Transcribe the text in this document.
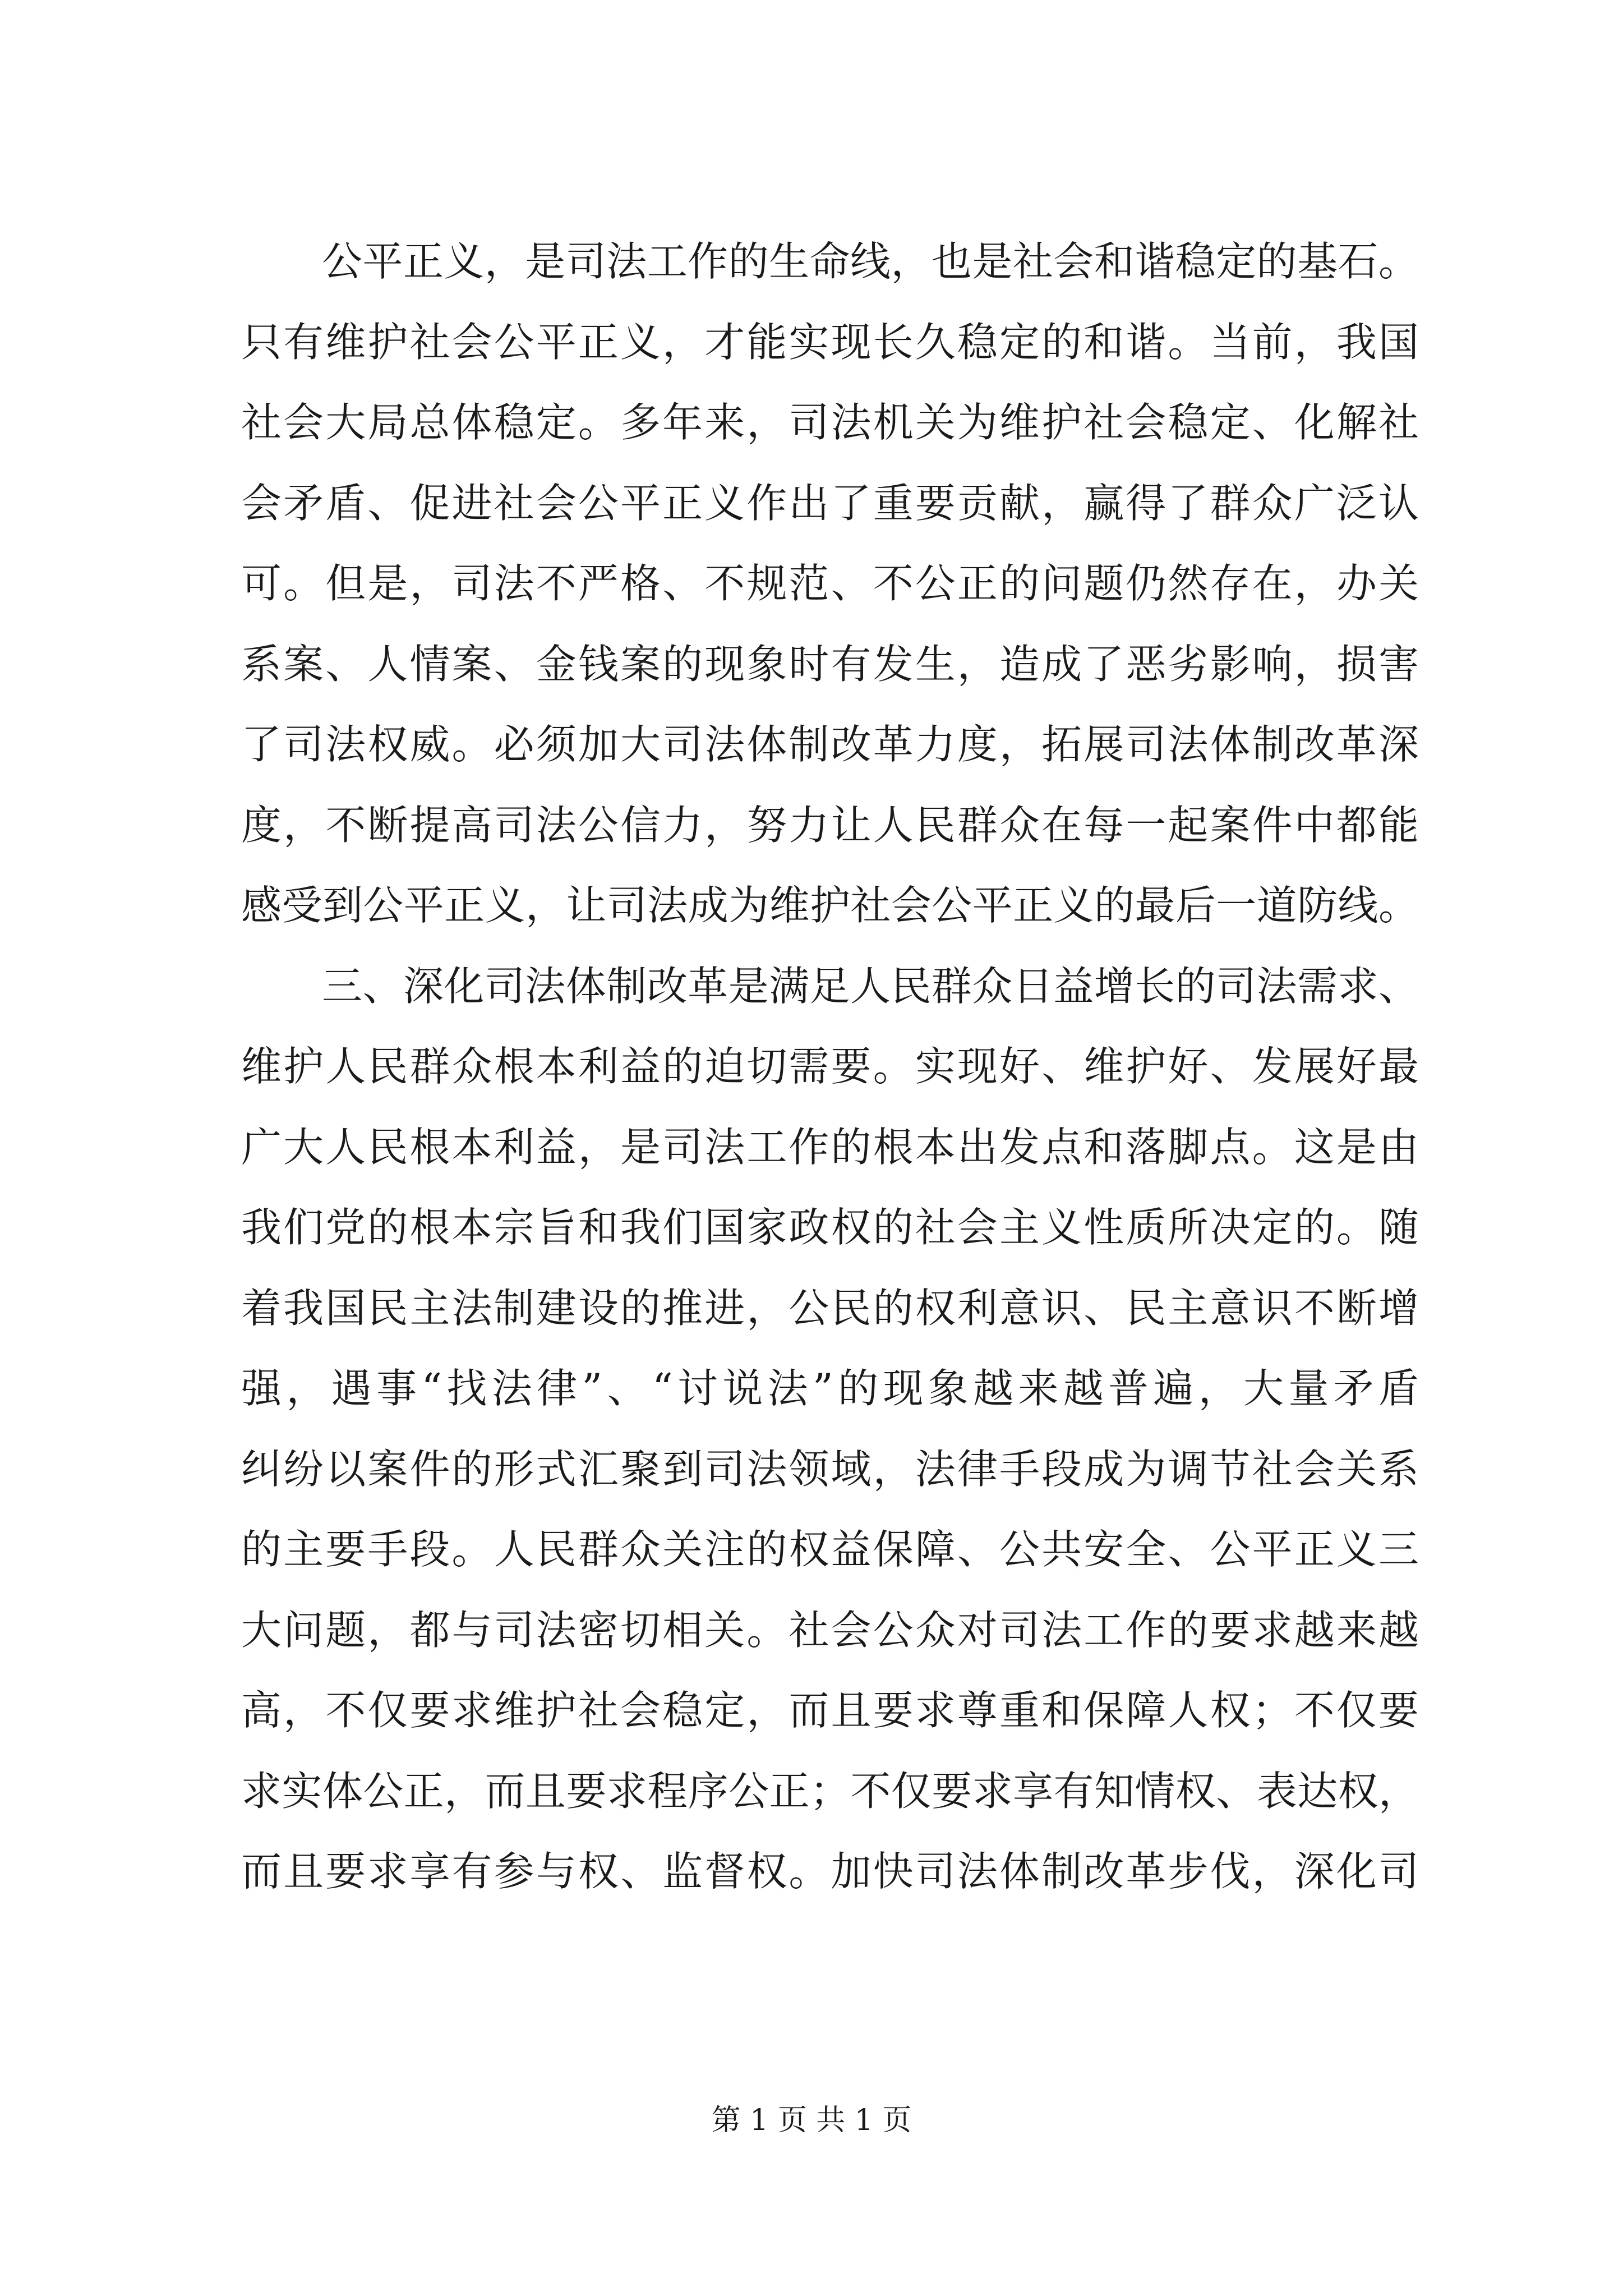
公平正义，是司法工作的生命线，也是社会和谐稳定的基石。
只有维护社会公平正义，才能实现长久稳定的和谐。当前，我国
社会大局总体稳定。多年来，司法机关为维护社会稳定、化解社
会矛盾、促进社会公平正义作出了重要贡献，赢得了群众广泛认
可。但是，司法不严格、不规范、不公正的问题仍然存在，办关
系案、人情案、金钱案的现象时有发生，造成了恶劣影响，损害
了司法权威。必须加大司法体制改革力度，拓展司法体制改革深
度，不断提高司法公信力，努力让人民群众在每一起案件中都能
感受到公平正义，让司法成为维护社会公平正义的最后一道防线。
三、深化司法体制改革是满足人民群众日益增长的司法需求、
维护人民群众根本利益的迫切需要。实现好、维护好、发展好最
广大人民根本利益，是司法工作的根本出发点和落脚点。这是由
我们党的根本宗旨和我们国家政权的社会主义性质所决定的。随
着我国民主法制建设的推进，公民的权利意识、民主意识不断增
强，遇事“找法律”、“讨说法”的现象越来越普遍，大量矛盾
纠纷以案件的形式汇聚到司法领域，法律手段成为调节社会关系
的主要手段。人民群众关注的权益保障、公共安全、公平正义三
大问题，都与司法密切相关。社会公众对司法工作的要求越来越
高，不仅要求维护社会稳定，而且要求尊重和保障人权；不仅要
求实体公正，而且要求程序公正；不仅要求享有知情权、表达权，
而且要求享有参与权、监督权。加快司法体制改革步伐，深化司
第 1 页 共 1 页
